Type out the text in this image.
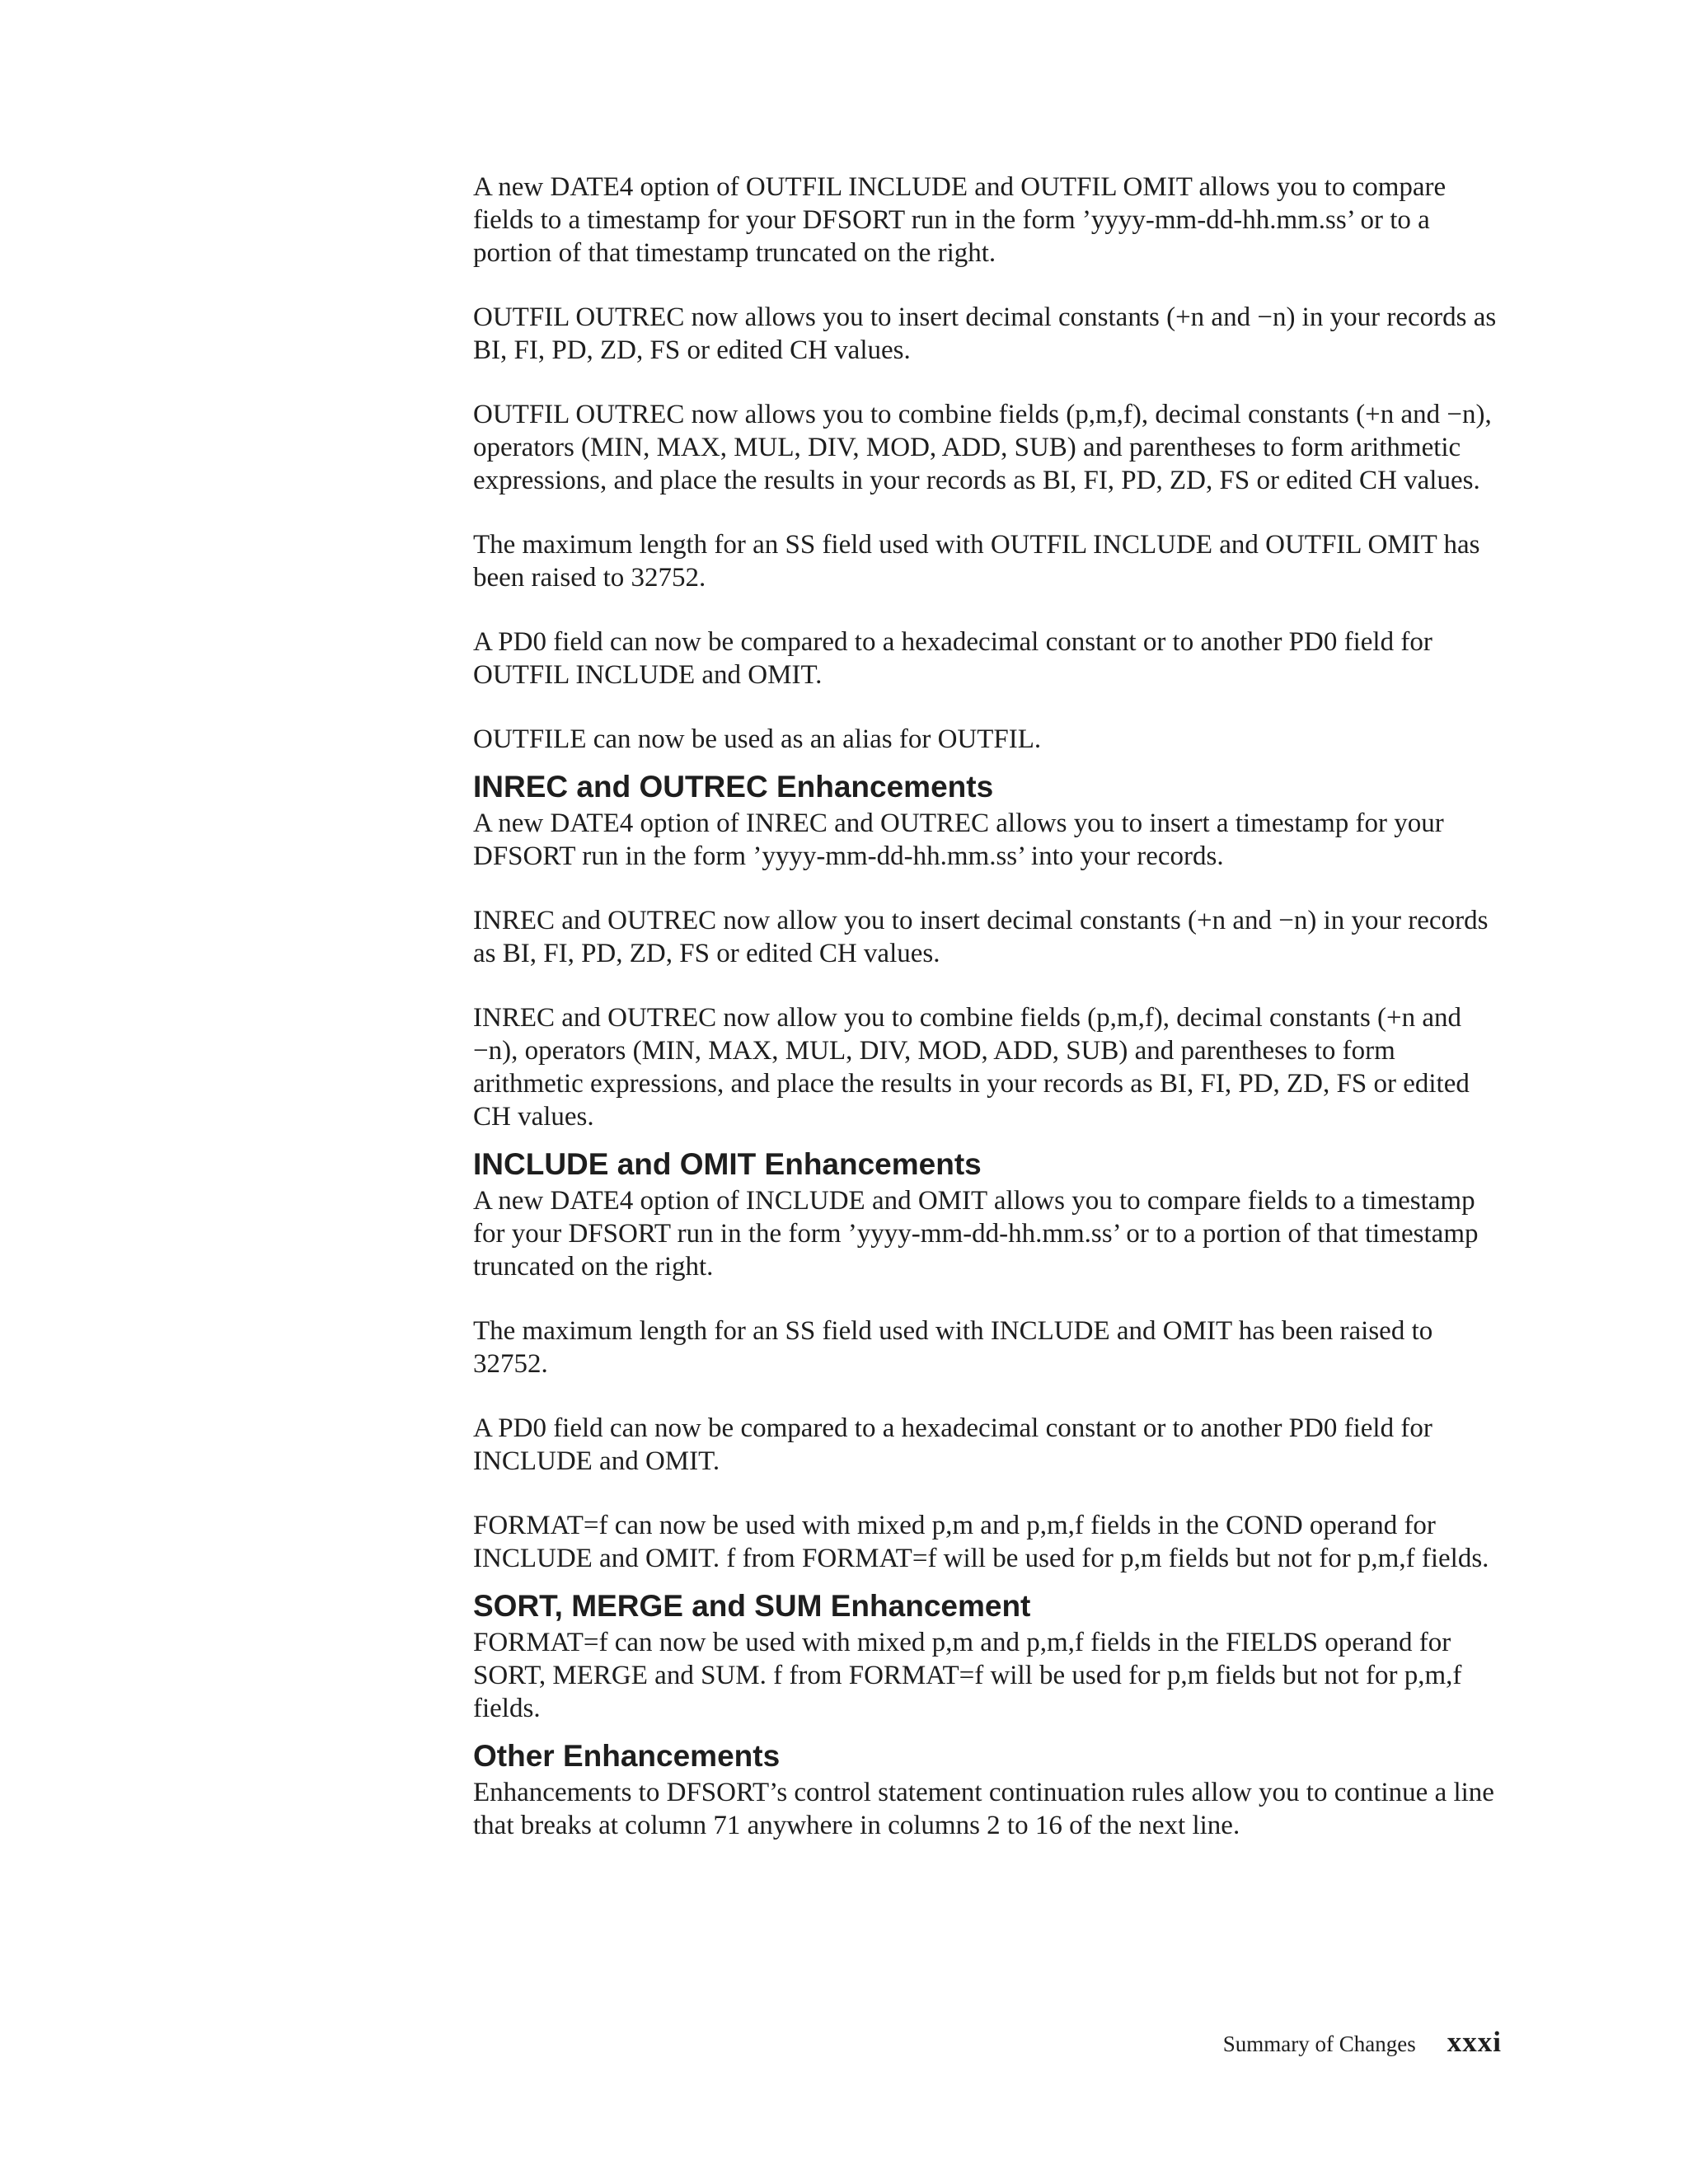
A new DATE4 option of OUTFIL INCLUDE and OUTFIL OMIT allows you to compare fields to a timestamp for your DFSORT run in the form ’yyyy-mm-dd-hh.mm.ss’ or to a portion of that timestamp truncated on the right.

OUTFIL OUTREC now allows you to insert decimal constants (+n and −n) in your records as BI, FI, PD, ZD, FS or edited CH values.

OUTFIL OUTREC now allows you to combine fields (p,m,f), decimal constants (+n and −n), operators (MIN, MAX, MUL, DIV, MOD, ADD, SUB) and parentheses to form arithmetic expressions, and place the results in your records as BI, FI, PD, ZD, FS or edited CH values.

The maximum length for an SS field used with OUTFIL INCLUDE and OUTFIL OMIT has been raised to 32752.

A PD0 field can now be compared to a hexadecimal constant or to another PD0 field for OUTFIL INCLUDE and OMIT.

OUTFILE can now be used as an alias for OUTFIL.

INREC and OUTREC Enhancements

A new DATE4 option of INREC and OUTREC allows you to insert a timestamp for your DFSORT run in the form ’yyyy-mm-dd-hh.mm.ss’ into your records.

INREC and OUTREC now allow you to insert decimal constants (+n and −n) in your records as BI, FI, PD, ZD, FS or edited CH values.

INREC and OUTREC now allow you to combine fields (p,m,f), decimal constants (+n and −n), operators (MIN, MAX, MUL, DIV, MOD, ADD, SUB) and parentheses to form arithmetic expressions, and place the results in your records as BI, FI, PD, ZD, FS or edited CH values.

INCLUDE and OMIT Enhancements

A new DATE4 option of INCLUDE and OMIT allows you to compare fields to a timestamp for your DFSORT run in the form ’yyyy-mm-dd-hh.mm.ss’ or to a portion of that timestamp truncated on the right.

The maximum length for an SS field used with INCLUDE and OMIT has been raised to 32752.

A PD0 field can now be compared to a hexadecimal constant or to another PD0 field for INCLUDE and OMIT.

FORMAT=f can now be used with mixed p,m and p,m,f fields in the COND operand for INCLUDE and OMIT. f from FORMAT=f will be used for p,m fields but not for p,m,f fields.

SORT, MERGE and SUM Enhancement

FORMAT=f can now be used with mixed p,m and p,m,f fields in the FIELDS operand for SORT, MERGE and SUM. f from FORMAT=f will be used for p,m fields but not for p,m,f fields.

Other Enhancements

Enhancements to DFSORT’s control statement continuation rules allow you to continue a line that breaks at column 71 anywhere in columns 2 to 16 of the next line.

Summary of Changes xxxi
